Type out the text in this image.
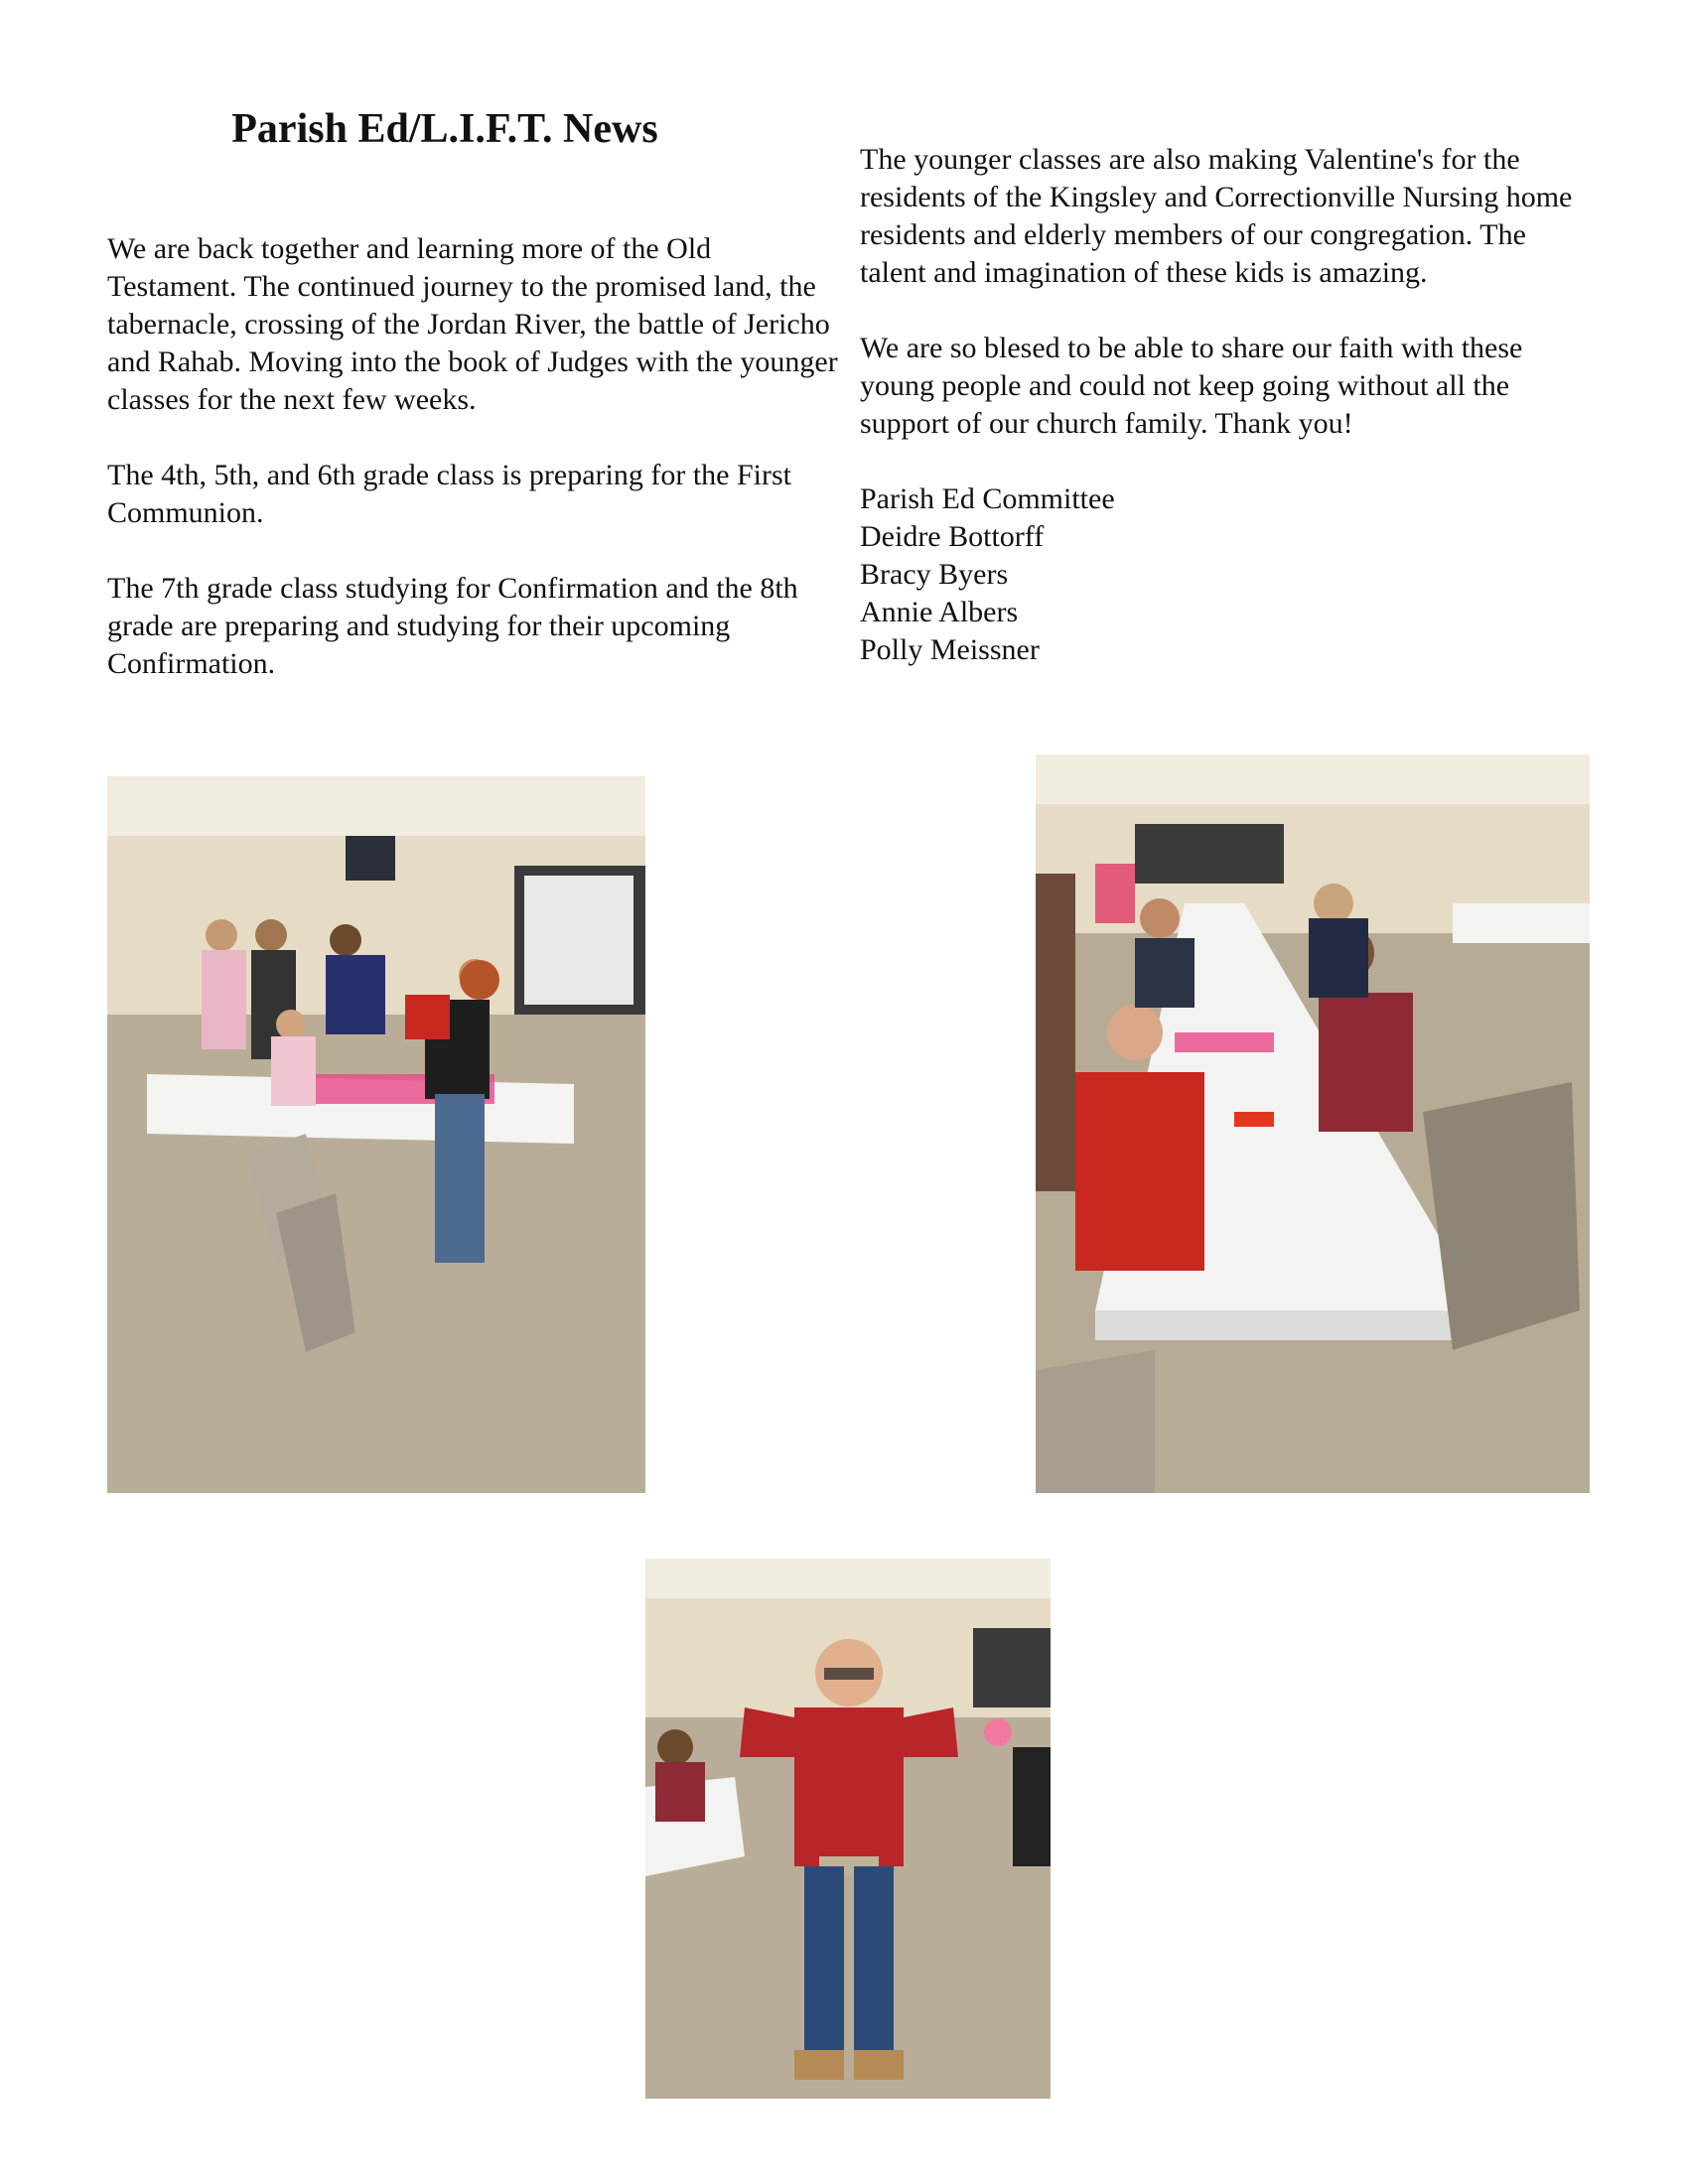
Parish Ed/L.I.F.T. News

We are back together and learning more of the Old Testament. The continued journey to the promised land, the tabernacle, crossing of the Jordan River, the battle of Jericho and Rahab. Moving into the book of Judges with the younger classes for the next few weeks.

The 4th, 5th, and 6th grade class is preparing for the First Communion.

The 7th grade class studying for Confirmation and the 8th grade are preparing and studying for their upcoming Confirmation.

The younger classes are also making Valentine's for the residents of the Kingsley and Correctionville Nursing home residents and elderly members of our congregation. The talent and imagination of these kids is amazing.

We are so blesed to be able to share our faith with these young people and could not keep going without all the support of our church family. Thank you!

Parish Ed Committee
Deidre Bottorff
Bracy Byers
Annie Albers
Polly Meissner
